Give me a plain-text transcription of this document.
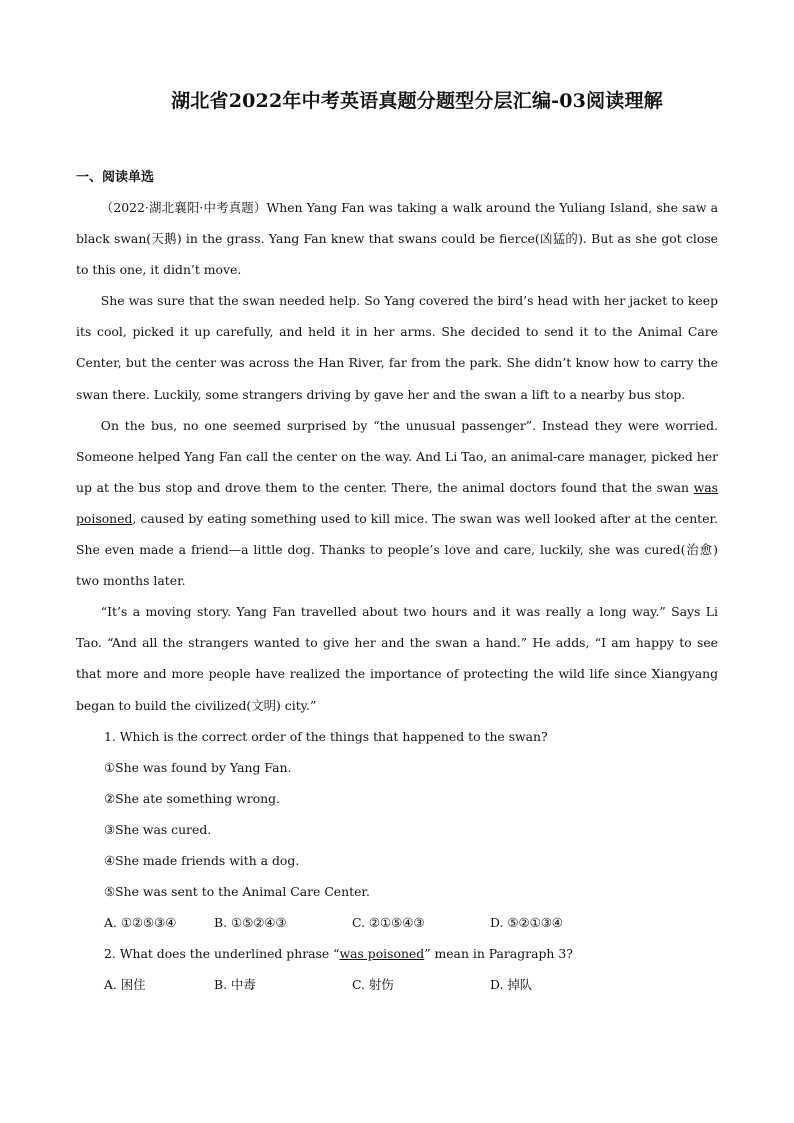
湖北省2022年中考英语真题分题型分层汇编-03阅读理解
一、阅读单选

（2022·湖北襄阳·中考真题）When Yang Fan was taking a walk around the Yuliang Island, she saw a black swan(天鹅) in the grass. Yang Fan knew that swans could be fierce(凶猛的). But as she got close to this one, it didn’t move.

She was sure that the swan needed help. So Yang covered the bird’s head with her jacket to keep its cool, picked it up carefully, and held it in her arms. She decided to send it to the Animal Care Center, but the center was across the Han River, far from the park. She didn’t know how to carry the swan there. Luckily, some strangers driving by gave her and the swan a lift to a nearby bus stop.

On the bus, no one seemed surprised by “the unusual passenger”. Instead they were worried. Someone helped Yang Fan call the center on the way. And Li Tao, an animal-care manager, picked her up at the bus stop and drove them to the center. There, the animal doctors found that the swan was poisoned, caused by eating something used to kill mice. The swan was well looked after at the center. She even made a friend—a little dog. Thanks to people’s love and care, luckily, she was cured(治愈) two months later.

“It’s a moving story. Yang Fan travelled about two hours and it was really a long way.” Says Li Tao. “And all the strangers wanted to give her and the swan a hand.” He adds, “I am happy to see that more and more people have realized the importance of protecting the wild life since Xiangyang began to build the civilized(文明) city.”

1. Which is the correct order of the things that happened to the swan?
①She was found by Yang Fan.
②She ate something wrong.
③She was cured.
④She made friends with a dog.
⑤She was sent to the Animal Care Center.
A. ①②⑤③④	B. ①⑤②④③	C. ②①⑤④③	D. ⑤②①③④
2. What does the underlined phrase “was poisoned” mean in Paragraph 3?
A. 困住	B. 中毒	C. 射伤	D. 掉队
